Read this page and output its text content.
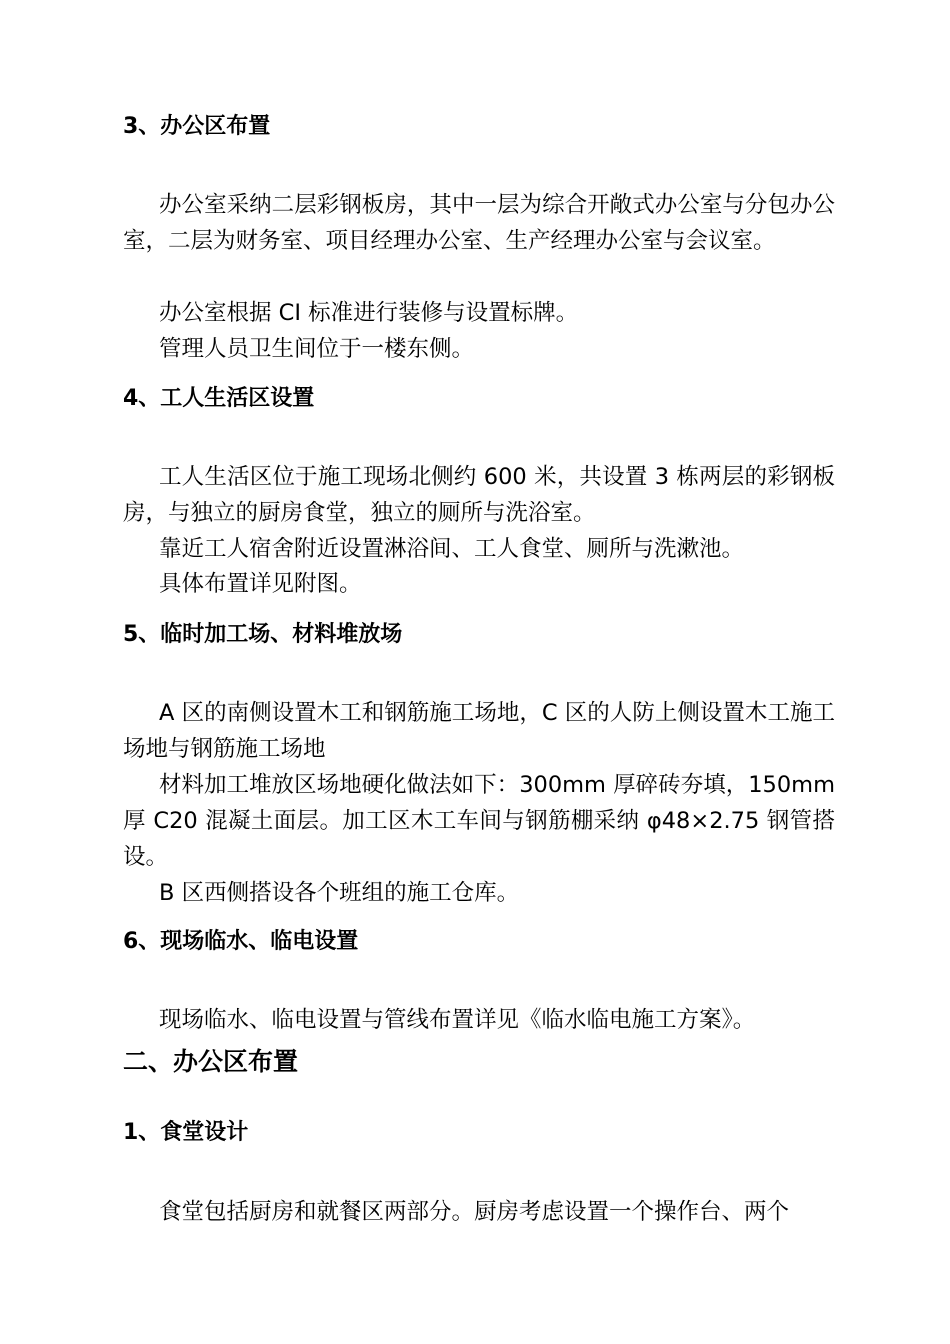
3、办公区布置

办公室采纳二层彩钢板房，其中一层为综合开敞式办公室与分包办公室，二层为财务室、项目经理办公室、生产经理办公室与会议室。

办公室根据 CI 标准进行装修与设置标牌。

管理人员卫生间位于一楼东侧。

4、工人生活区设置

工人生活区位于施工现场北侧约 600 米，共设置 3 栋两层的彩钢板房，与独立的厨房食堂，独立的厕所与洗浴室。

靠近工人宿舍附近设置淋浴间、工人食堂、厕所与洗漱池。

具体布置详见附图。

5、临时加工场、材料堆放场

A 区的南侧设置木工和钢筋施工场地，C 区的人防上侧设置木工施工场地与钢筋施工场地

材料加工堆放区场地硬化做法如下：300mm 厚碎砖夯填，150mm 厚 C20 混凝土面层。加工区木工车间与钢筋棚采纳 φ48×2.75 钢管搭设。

B 区西侧搭设各个班组的施工仓库。

6、现场临水、临电设置

现场临水、临电设置与管线布置详见《临水临电施工方案》。

二、办公区布置
1、食堂设计

食堂包括厨房和就餐区两部分。厨房考虑设置一个操作台、两个
